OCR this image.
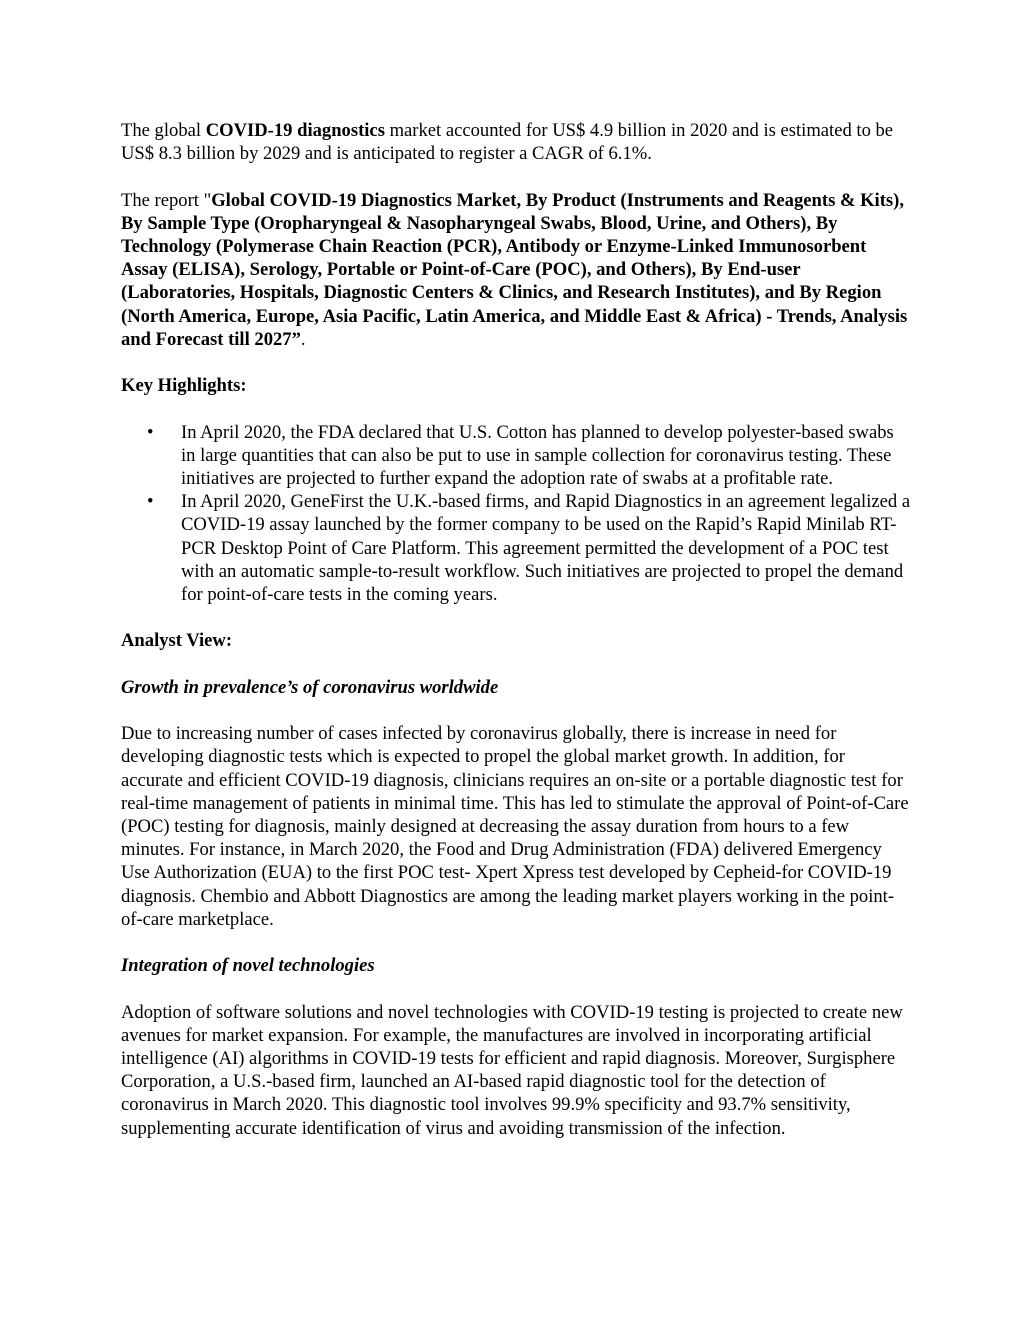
The global COVID-19 diagnostics market accounted for US$ 4.9 billion in 2020 and is estimated to be US$ 8.3 billion by 2029 and is anticipated to register a CAGR of 6.1%.

The report "Global COVID-19 Diagnostics Market, By Product (Instruments and Reagents & Kits), By Sample Type (Oropharyngeal & Nasopharyngeal Swabs, Blood, Urine, and Others), By Technology (Polymerase Chain Reaction (PCR), Antibody or Enzyme-Linked Immunosorbent Assay (ELISA), Serology, Portable or Point-of-Care (POC), and Others), By End-user (Laboratories, Hospitals, Diagnostic Centers & Clinics, and Research Institutes), and By Region (North America, Europe, Asia Pacific, Latin America, and Middle East & Africa) - Trends, Analysis and Forecast till 2027”.

Key Highlights:

• In April 2020, the FDA declared that U.S. Cotton has planned to develop polyester-based swabs in large quantities that can also be put to use in sample collection for coronavirus testing. These initiatives are projected to further expand the adoption rate of swabs at a profitable rate.
• In April 2020, GeneFirst the U.K.-based firms, and Rapid Diagnostics in an agreement legalized a COVID-19 assay launched by the former company to be used on the Rapid’s Rapid Minilab RT-PCR Desktop Point of Care Platform. This agreement permitted the development of a POC test with an automatic sample-to-result workflow. Such initiatives are projected to propel the demand for point-of-care tests in the coming years.

Analyst View:

Growth in prevalence’s of coronavirus worldwide

Due to increasing number of cases infected by coronavirus globally, there is increase in need for developing diagnostic tests which is expected to propel the global market growth. In addition, for accurate and efficient COVID-19 diagnosis, clinicians requires an on-site or a portable diagnostic test for real-time management of patients in minimal time. This has led to stimulate the approval of Point-of-Care (POC) testing for diagnosis, mainly designed at decreasing the assay duration from hours to a few minutes. For instance, in March 2020, the Food and Drug Administration (FDA) delivered Emergency Use Authorization (EUA) to the first POC test- Xpert Xpress test developed by Cepheid-for COVID-19 diagnosis. Chembio and Abbott Diagnostics are among the leading market players working in the point-of-care marketplace.

Integration of novel technologies

Adoption of software solutions and novel technologies with COVID-19 testing is projected to create new avenues for market expansion. For example, the manufactures are involved in incorporating artificial intelligence (AI) algorithms in COVID-19 tests for efficient and rapid diagnosis. Moreover, Surgisphere Corporation, a U.S.-based firm, launched an AI-based rapid diagnostic tool for the detection of coronavirus in March 2020. This diagnostic tool involves 99.9% specificity and 93.7% sensitivity, supplementing accurate identification of virus and avoiding transmission of the infection.
